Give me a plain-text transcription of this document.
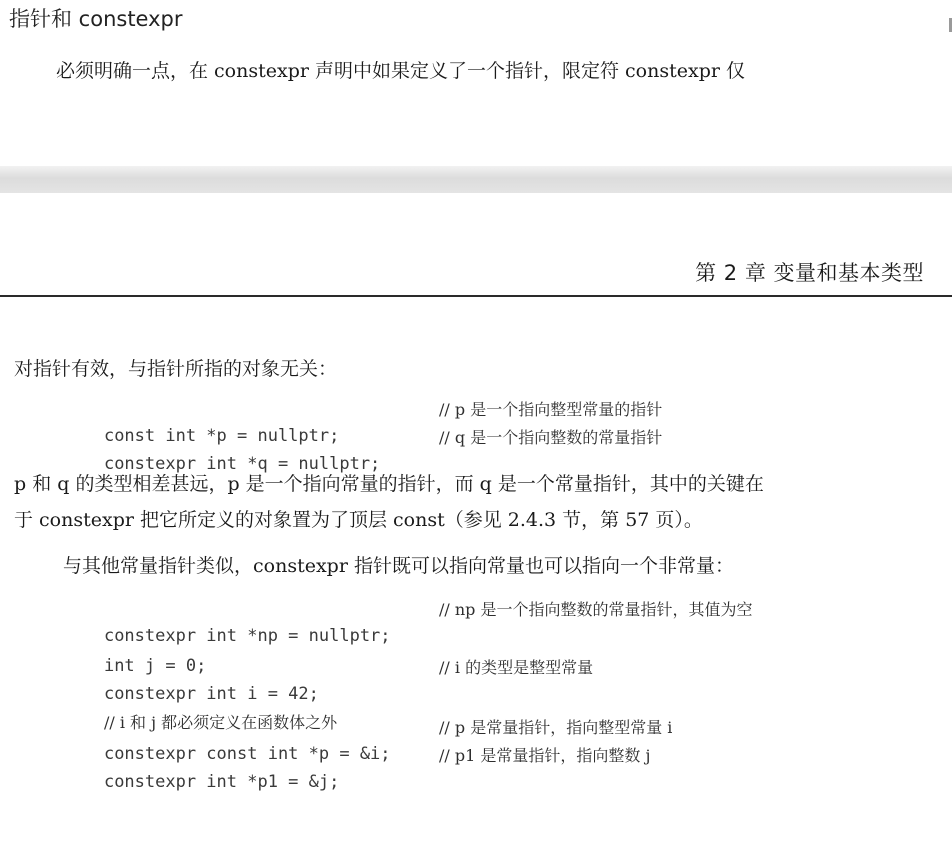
指针和 constexpr
必须明确一点，在 constexpr 声明中如果定义了一个指针，限定符 constexpr 仅
第 2 章 变量和基本类型
对指针有效，与指针所指的对象无关：

const int *p = nullptr;

// p 是一个指向整型常量的指针

constexpr int *q = nullptr;

// q 是一个指向整数的常量指针

p 和 q 的类型相差甚远，p 是一个指向常量的指针，而 q 是一个常量指针，其中的关键在
于 constexpr 把它所定义的对象置为了顶层 const（参见 2.4.3 节，第 57 页）。
与其他常量指针类似，constexpr 指针既可以指向常量也可以指向一个非常量：

constexpr int *np = nullptr;

// np 是一个指向整数的常量指针，其值为空

int j = 0;

constexpr int i = 42;

// i 的类型是整型常量

// i 和 j 都必须定义在函数体之外

constexpr const int *p = &i;

// p 是常量指针，指向整型常量 i

constexpr int *p1 = &j;

// p1 是常量指针，指向整数 j
